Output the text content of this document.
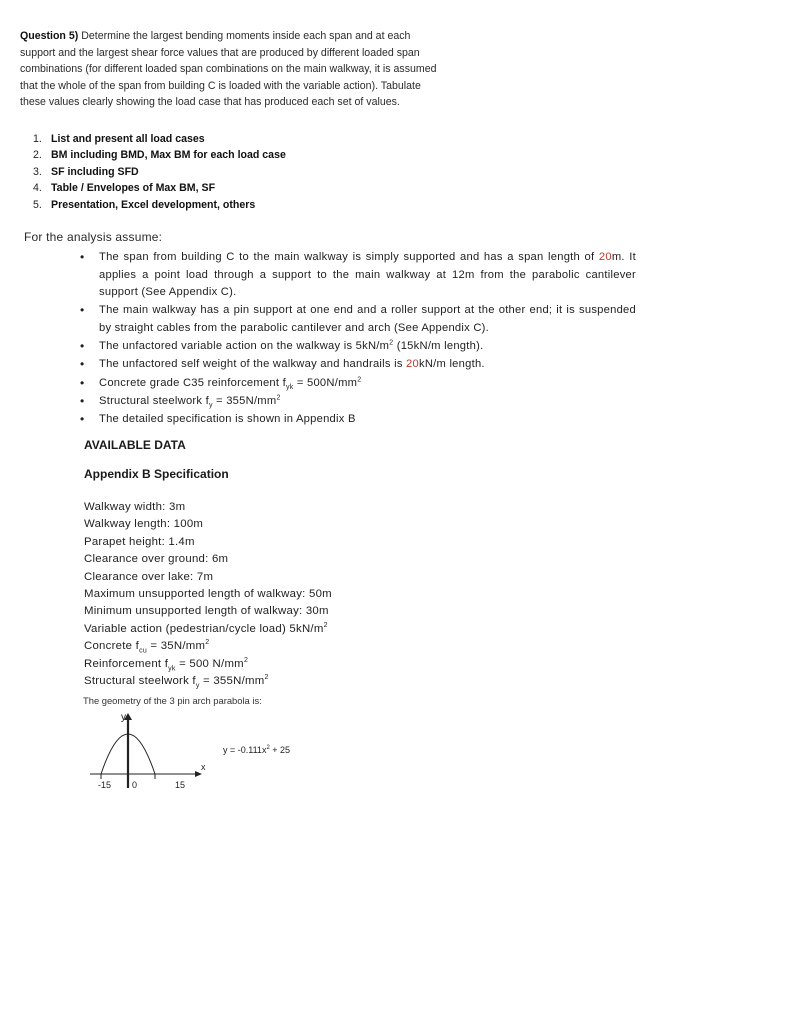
Question 5) Determine the largest bending moments inside each span and at each support and the largest shear force values that are produced by different loaded span combinations (for different loaded span combinations on the main walkway, it is assumed that the whole of the span from building C is loaded with the variable action). Tabulate these values clearly showing the load case that has produced each set of values.
1. List and present all load cases
2. BM including BMD, Max BM for each load case
3. SF including SFD
4. Table / Envelopes of Max BM, SF
5. Presentation, Excel development, others
For the analysis assume:
• The span from building C to the main walkway is simply supported and has a span length of 20m. It applies a point load through a support to the main walkway at 12m from the parabolic cantilever support (See Appendix C).
• The main walkway has a pin support at one end and a roller support at the other end; it is suspended by straight cables from the parabolic cantilever and arch (See Appendix C).
• The unfactored variable action on the walkway is $5kN/m^2$ (15kN/m length).
• The unfactored self weight of the walkway and handrails is 20kN/m length.
• Concrete grade C35 reinforcement $f_{yk} = 500N/mm^2$
• Structural steelwork $f_y = 355N/mm^2$
• The detailed specification is shown in Appendix B
AVAILABLE DATA
Appendix B Specification
Walkway width: 3m
Walkway length: 100m
Parapet height: 1.4m
Clearance over ground: 6m
Clearance over lake: 7m
Maximum unsupported length of walkway: 50m
Minimum unsupported length of walkway: 30m
Variable action (pedestrian/cycle load) $5kN/m^2$
Concrete $f_{cu} = 35N/mm^2$
Reinforcement $f_{yk} = 500$ $N/mm^2$
Structural steelwork $f_y = 355N/mm^2$
The geometry of the 3 pin arch parabola is:
y
x
-15 0	15
$y = -0.111x^2 + 25$
